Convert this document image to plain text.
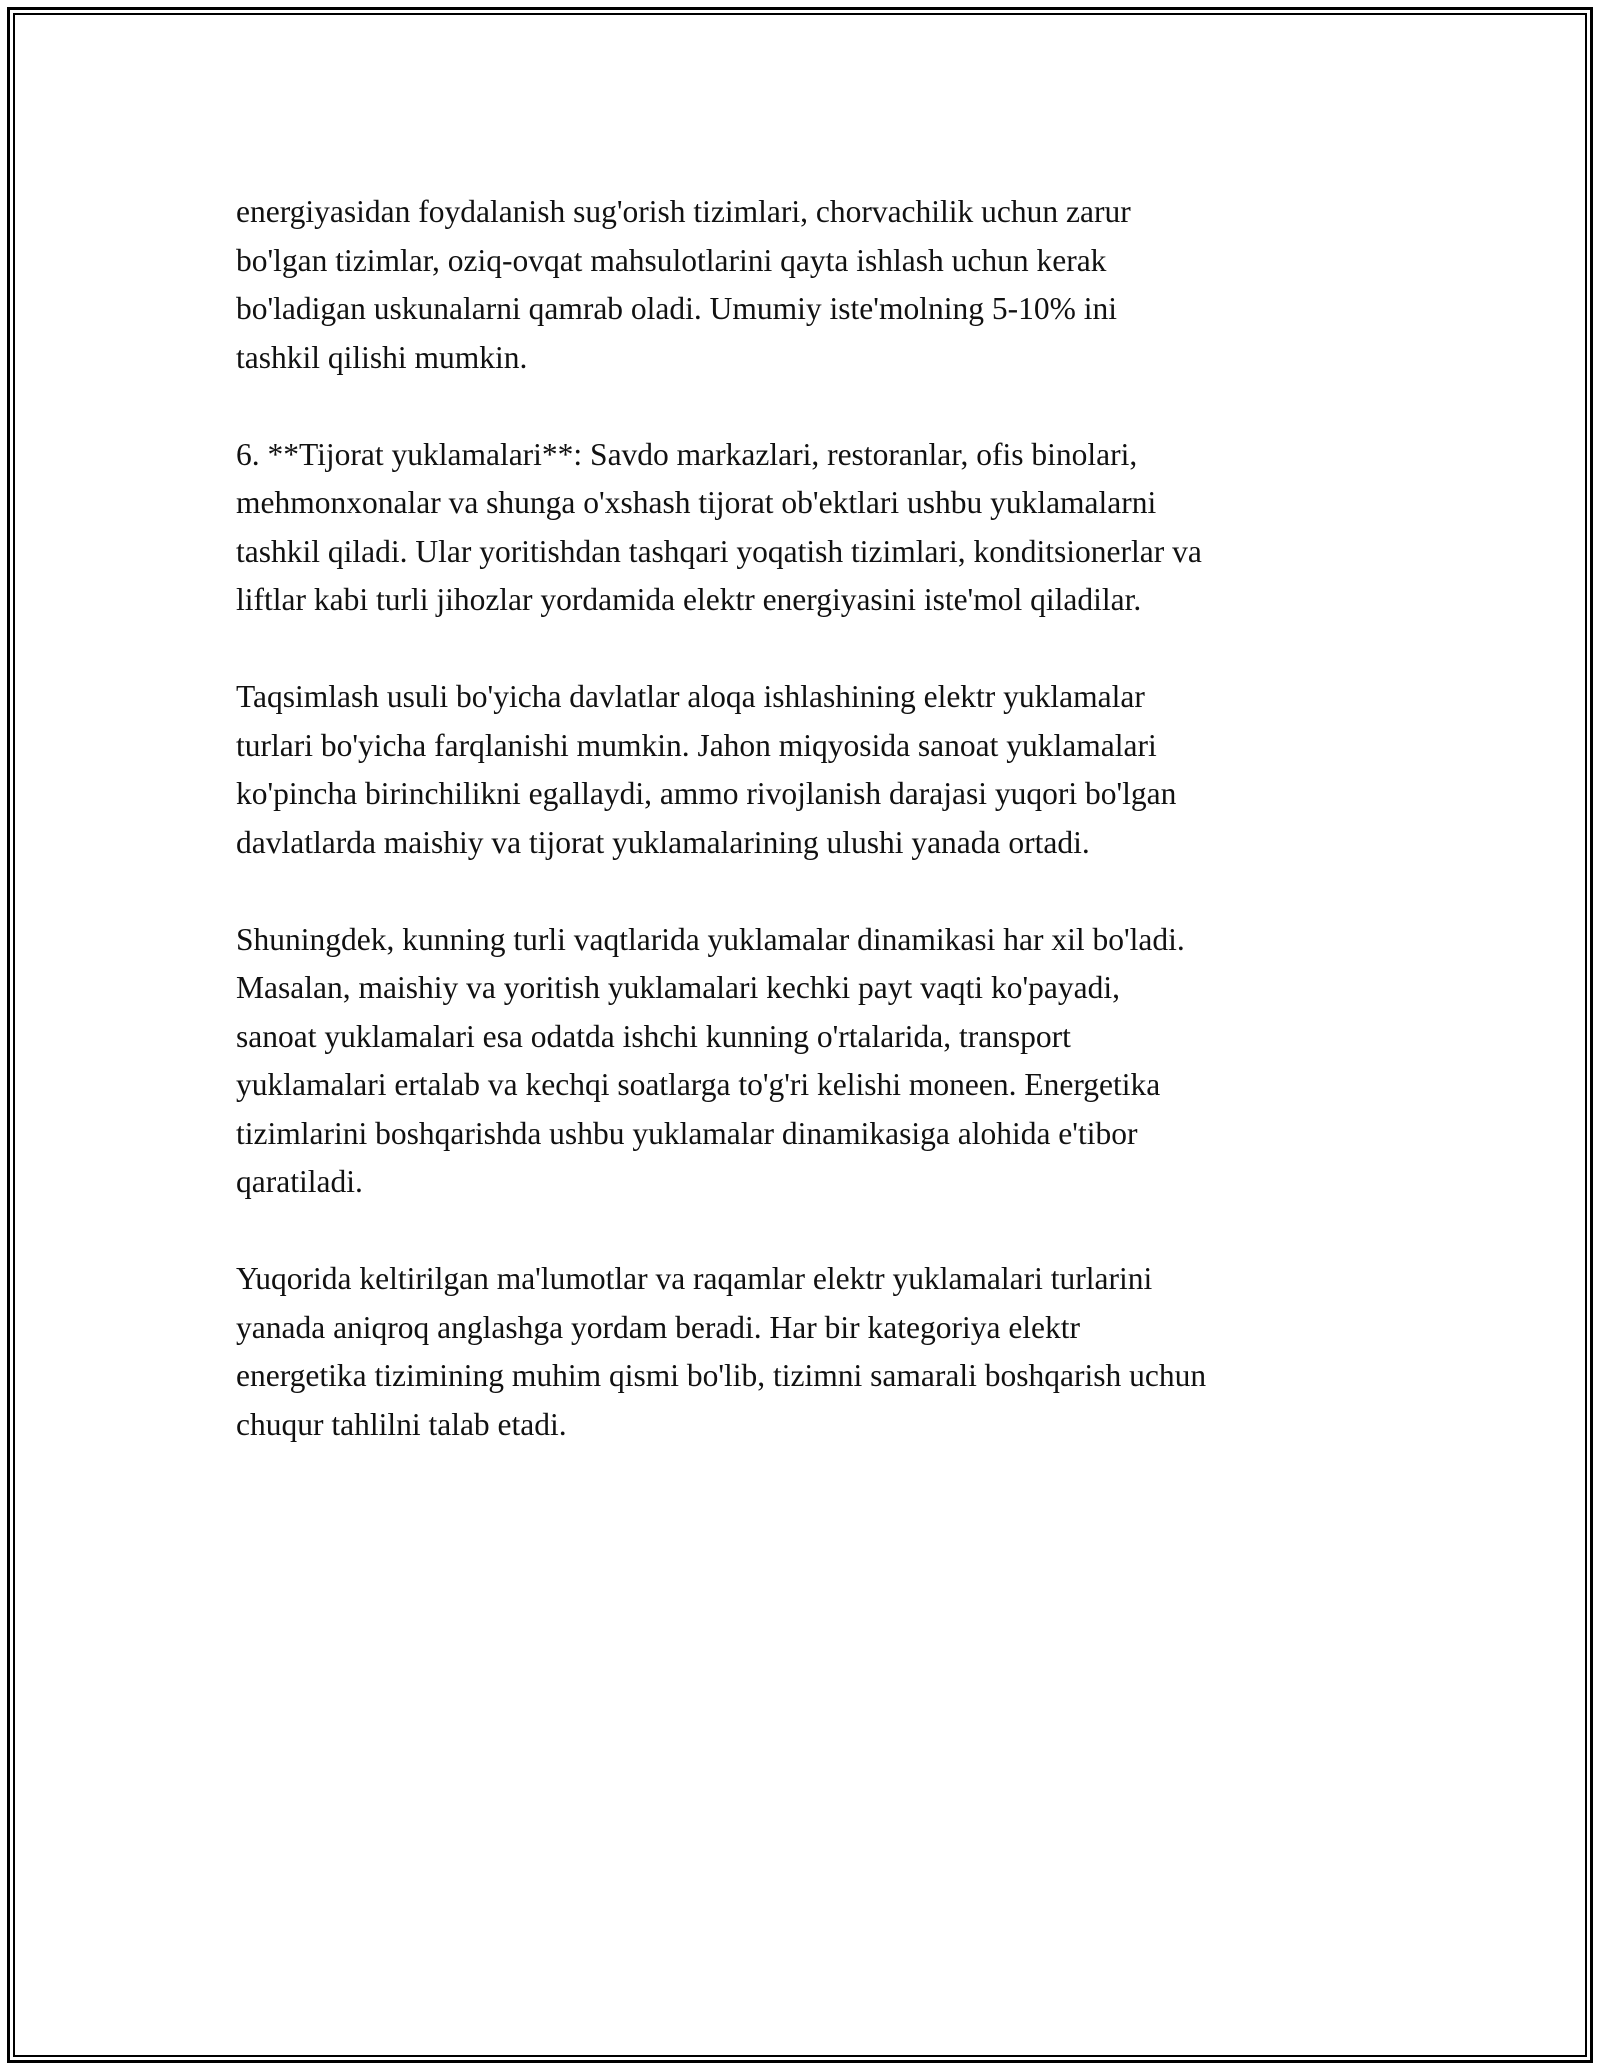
energiyasidan foydalanish sug'orish tizimlari, chorvachilik uchun zarur
bo'lgan tizimlar, oziq-ovqat mahsulotlarini qayta ishlash uchun kerak
bo'ladigan uskunalarni qamrab oladi. Umumiy iste'molning 5-10% ini
tashkil qilishi mumkin.

6. **Tijorat yuklamalari**: Savdo markazlari, restoranlar, ofis binolari,
mehmonxonalar va shunga o'xshash tijorat ob'ektlari ushbu yuklamalarni
tashkil qiladi. Ular yoritishdan tashqari yoqatish tizimlari, konditsionerlar va
liftlar kabi turli jihozlar yordamida elektr energiyasini iste'mol qiladilar.

Taqsimlash usuli bo'yicha davlatlar aloqa ishlashining elektr yuklamalar
turlari bo'yicha farqlanishi mumkin. Jahon miqyosida sanoat yuklamalari
ko'pincha birinchilikni egallaydi, ammo rivojlanish darajasi yuqori bo'lgan
davlatlarda maishiy va tijorat yuklamalarining ulushi yanada ortadi.

Shuningdek, kunning turli vaqtlarida yuklamalar dinamikasi har xil bo'ladi.
Masalan, maishiy va yoritish yuklamalari kechki payt vaqti ko'payadi,
sanoat yuklamalari esa odatda ishchi kunning o'rtalarida, transport
yuklamalari ertalab va kechqi soatlarga to'g'ri kelishi moneen. Energetika
tizimlarini boshqarishda ushbu yuklamalar dinamikasiga alohida e'tibor
qaratiladi.

Yuqorida keltirilgan ma'lumotlar va raqamlar elektr yuklamalari turlarini
yanada aniqroq anglashga yordam beradi. Har bir kategoriya elektr
energetika tizimining muhim qismi bo'lib, tizimni samarali boshqarish uchun
chuqur tahlilni talab etadi.
